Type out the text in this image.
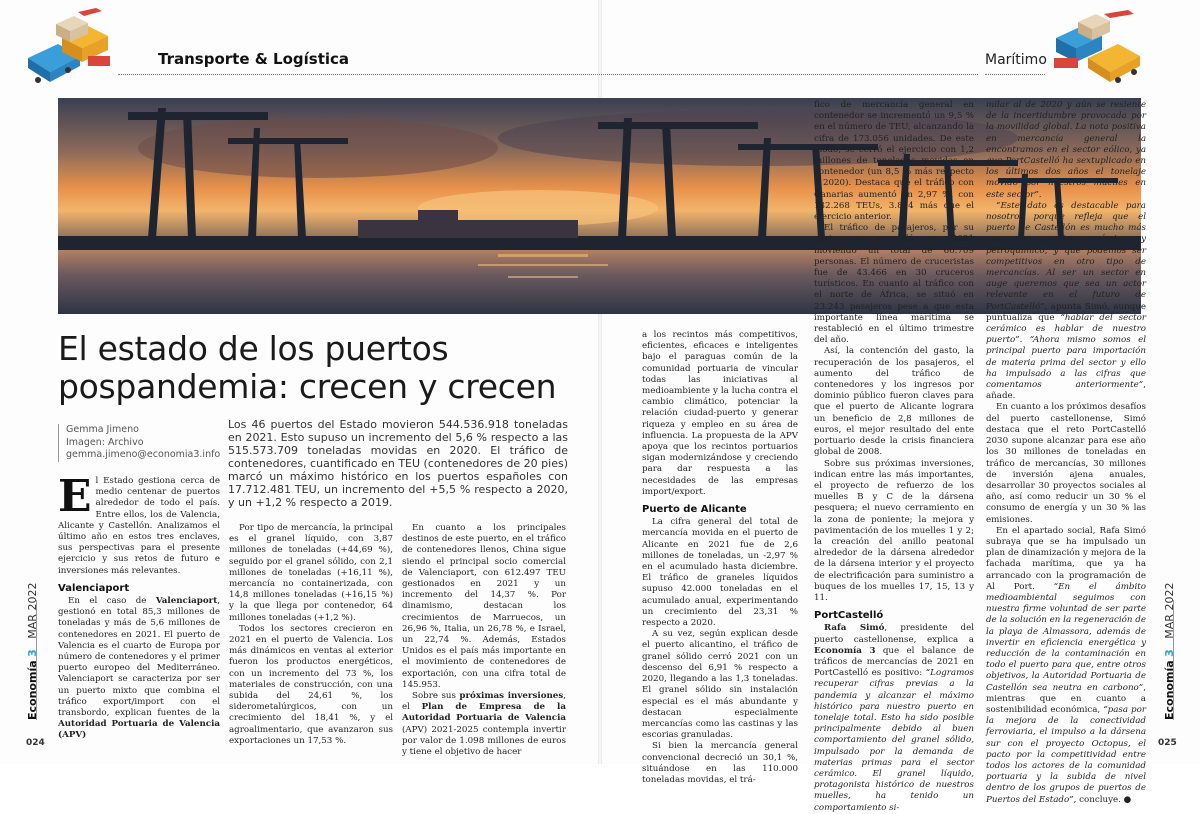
Transporte & Logística	Marítimo
El estado de los puertos
pospandemia: crecen y crecen
Gemma Jimeno
Imagen: Archivo
gemma.jimeno@economia3.info
Los 46 puertos del Estado movieron 544.536.918 toneladas en 2021. Esto supuso un incremento del 5,6 % respecto a las 515.573.709 toneladas movidas en 2020. El tráfico de contenedores, cuantificado en TEU (contenedores de 20 pies) marcó un máximo histórico en los puertos españoles con 17.712.481 TEU, un incremento del +5,5 % respecto a 2020, y un +1,2 % respecto a 2019.

El Estado gestiona cerca de medio centenar de puertos alrededor de todo el país. Entre ellos, los de Valencia, Alicante y Castellón. Analizamos el último año en estos tres enclaves, sus perspectivas para el presente ejercicio y sus retos de futuro e inversiones más relevantes.

Valenciaport

En el caso de Valenciaport, gestionó en total 85,3 millones de toneladas y más de 5,6 millones de contenedores en 2021. El puerto de Valencia es el cuarto de Europa por número de contenedores y el primer puerto europeo del Mediterráneo. Valenciaport se caracteriza por ser un puerto mixto que combina el tráfico export/import con el transbordo, explican fuentes de la Autoridad Portuaria de Valencia (APV)

Por tipo de mercancía, la principal es el granel líquido, con 3,87 millones de toneladas (+44,69 %), seguido por el granel sólido, con 2,1 millones de toneladas (+16,11 %), mercancía no containerizada, con 14,8 millones toneladas (+16,15 %) y la que llega por contenedor, 64 millones toneladas (+1,2 %).

Todos los sectores crecieron en 2021 en el puerto de Valencia. Los más dinámicos en ventas al exterior fueron los productos energéticos, con un incremento del 73 %, los materiales de construcción, con una subida del 24,61 %, los siderometalúrgicos, con un crecimiento del 18,41 %, y el agroalimentario, que avanzaron sus exportaciones un 17,53 %.

En cuanto a los principales destinos de este puerto, en el tráfico de contenedores llenos, China sigue siendo el principal socio comercial de Valenciaport, con 612.497 TEU gestionados en 2021 y un incremento del 14,37 %. Por dinamismo, destacan los crecimientos de Marruecos, un 26,96 %, Italia, un 26,78 %, e Israel, un 22,74 %. Además, Estados Unidos es el país más importante en el movimiento de contenedores de exportación, con una cifra total de 145.953.

Sobre sus próximas inversiones, el Plan de Empresa de la Autoridad Portuaria de Valencia (APV) 2021-2025 contempla invertir por valor de 1.098 millones de euros y tiene el objetivo de hacer

a los recintos más competitivos, eficientes, eficaces e inteligentes bajo el paraguas común de la comunidad portuaria de vincular todas las iniciativas al medioambiente y la lucha contra el cambio climático, potenciar la relación ciudad-puerto y generar riqueza y empleo en su área de influencia. La propuesta de la APV apoya que los recintos portuarios sigan modernizándose y creciendo para dar respuesta a las necesidades de las empresas import/export.

Puerto de Alicante

La cifra general del total de mercancía movida en el puerto de Alicante en 2021 fue de 2,6 millones de toneladas, un -2,97 % en el acumulado hasta diciembre. El tráfico de graneles líquidos supuso 42.000 toneladas en el acumulado anual, experimentando un crecimiento del 23,31 % respecto a 2020.

A su vez, según explican desde el puerto alicantino, el tráfico de granel sólido cerró 2021 con un descenso del 6,91 % respecto a 2020, llegando a las 1,3 toneladas. El granel sólido sin instalación especial es el más abundante y destacan especialmente mercancías como las castinas y las escorias granuladas.

Si bien la mercancía general convencional decreció un 30,1 %, situándose en las 110.000 toneladas movidas, el trá-

fico de mercancía general en contenedor se incrementó un 9,5 % en el número de TEU, alcanzando la cifra de 173.056 unidades. De este modo, se cerró el ejercicio con 1,2 millones de toneladas movidas en contenedor (un 8,5 % más respecto a 2020). Destaca que el tráfico con Canarias aumentó un 2,97 %, con 132.268 TEUs, 3.814 más que el ejercicio anterior.

El tráfico de pasajeros, por su parte, se reanudó en 2021 moviendo un total de 66.709 personas. El número de cruceristas fue de 43.466 en 30 cruceros turísticos. En cuanto al tráfico con el norte de África, se situó en 23.243 pasajeros pese a que esta importante línea marítima se restableció en el último trimestre del año.

Así, la contención del gasto, la recuperación de los pasajeros, el aumento del tráfico de contenedores y los ingresos por dominio público fueron claves para que el puerto de Alicante lograra un beneficio de 2,8 millones de euros, el mejor resultado del ente portuario desde la crisis financiera global de 2008.

Sobre sus próximas inversiones, indican entre las más importantes, el proyecto de refuerzo de los muelles B y C de la dársena pesquera; el nuevo cerramiento en la zona de poniente; la mejora y pavimentación de los muelles 1 y 2; la creación del anillo peatonal alrededor de la dársena alrededor de la dársena interior y el proyecto de electrificación para suministro a buques de los muelles 17, 15, 13 y 11.

PortCastelló

Rafa Simó, presidente del puerto castellonense, explica a Economía 3 que el balance de tráficos de mercancías de 2021 en PortCastelló es positivo: “Logramos recuperar cifras previas a la pandemia y alcanzar el máximo histórico para nuestro puerto en tonelaje total. Esto ha sido posible principalmente debido al buen comportamiento del granel sólido, impulsado por la demanda de materias primas para el sector cerámico. El granel líquido, protagonista histórico de nuestros muelles, ha tenido un comportamiento si-

milar al de 2020 y aún se resiente de la incertidumbre provocada por la movilidad global. La nota positiva en mercancía general la encontramos en el sector eólico, ya que PortCastelló ha sextuplicado en los últimos dos años el tonelaje movido por nuestros muelles en este sector”.

“Este dato es destacable para nosotros porque refleja que el puerto de Castellón es mucho más que un puerto cerámico y petroquímico, y que podemos ser competitivos en otro tipo de mercancías. Al ser un sector en auge queremos que sea un actor relevante en el futuro de PortCastelló”, apunta Simó, aunque puntualiza que “hablar del sector cerámico es hablar de nuestro puerto”. “Ahora mismo somos el principal puerto para importación de materia prima del sector y ello ha impulsado a las cifras que comentamos anteriormente”, añade.

En cuanto a los próximos desafíos del puerto castellonense, Simó destaca que el reto PortCastelló 2030 supone alcanzar para ese año los 30 millones de toneladas en tráfico de mercancías, 30 millones de inversión ajena anuales, desarrollar 30 proyectos sociales al año, así como reducir un 30 % el consumo de energía y un 30 % las emisiones.

En el apartado social, Rafa Simó subraya que se ha impulsado un plan de dinamización y mejora de la fachada marítima, que ya ha arrancado con la programación de Al Port. “En el ámbito medioambiental seguimos con nuestra firme voluntad de ser parte de la solución en la regeneración de la playa de Almassora, además de invertir en eficiencia energética y reducción de la contaminación en todo el puerto para que, entre otros objetivos, la Autoridad Portuaria de Castellón sea neutra en carbono”, mientras que en cuanto a sostenibilidad económica, “pasa por la mejora de la conectividad ferroviaria, el impulso a la dársena sur con el proyecto Octopus, el pacto por la competitividad entre todos los actores de la comunidad portuaria y la subida de nivel dentro de los grupos de puertos de Puertos del Estado”, concluye. ●

Economía 3   MAR 2022
Economía 3   MAR 2022
024	025
